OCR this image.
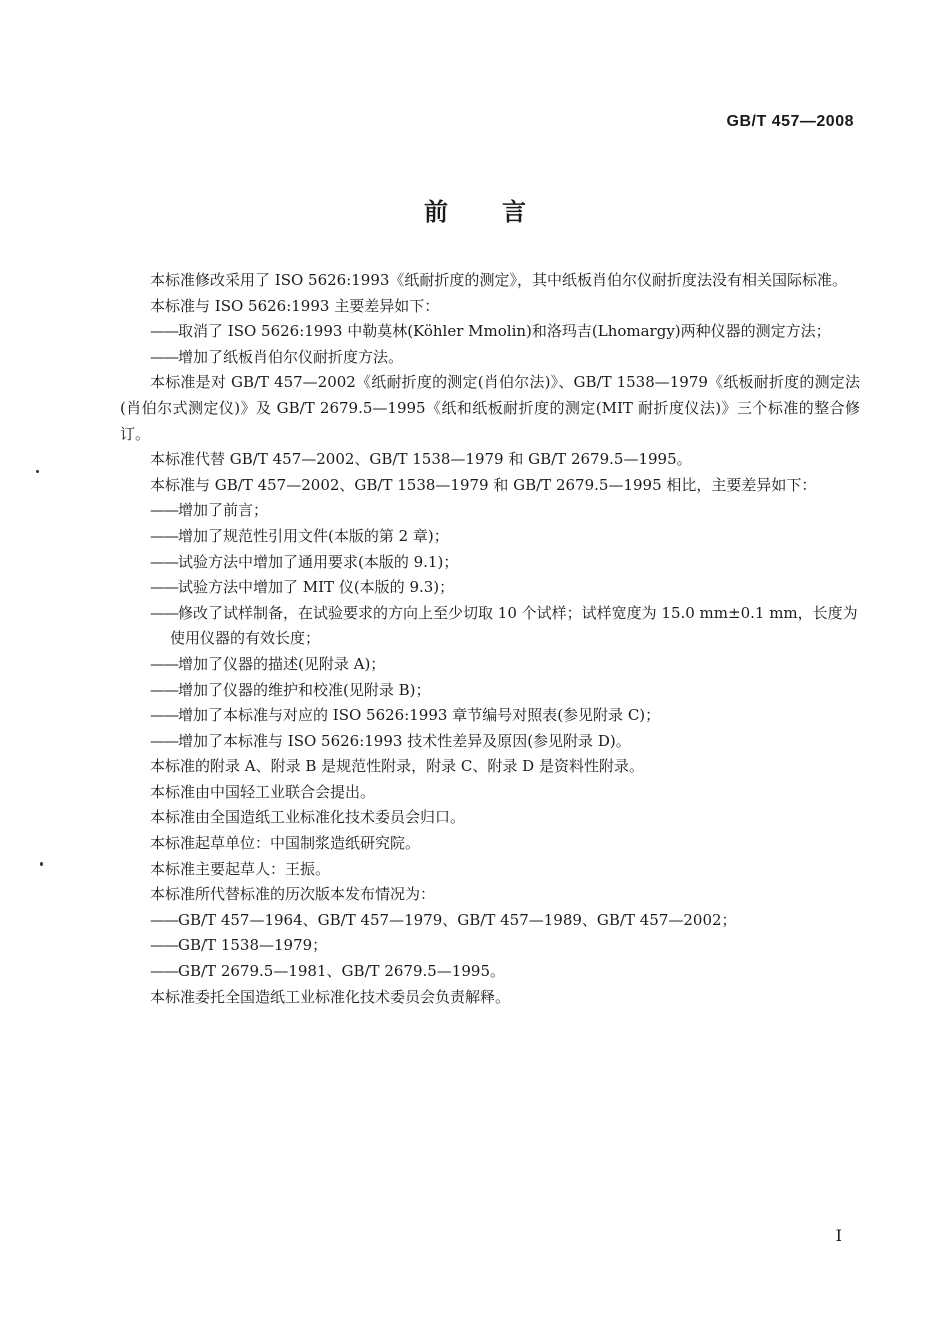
GB/T 457—2008
前言

本标准修改采用了 ISO 5626:1993《纸耐折度的测定》，其中纸板肖伯尔仪耐折度法没有相关国际标准。

本标准与 ISO 5626:1993 主要差异如下：

——取消了 ISO 5626:1993 中勒莫林(Köhler Mmolin)和洛玛吉(Lhomargy)两种仪器的测定方法；

——增加了纸板肖伯尔仪耐折度方法。

本标准是对 GB/T 457—2002《纸耐折度的测定(肖伯尔法)》、GB/T 1538—1979《纸板耐折度的测定法(肖伯尔式测定仪)》及 GB/T 2679.5—1995《纸和纸板耐折度的测定(MIT 耐折度仪法)》三个标准的整合修订。

本标准代替 GB/T 457—2002、GB/T 1538—1979 和 GB/T 2679.5—1995。

本标准与 GB/T 457—2002、GB/T 1538—1979 和 GB/T 2679.5—1995 相比，主要差异如下：

——增加了前言；

——增加了规范性引用文件(本版的第 2 章)；

——试验方法中增加了通用要求(本版的 9.1)；

——试验方法中增加了 MIT 仪(本版的 9.3)；

——修改了试样制备，在试验要求的方向上至少切取 10 个试样；试样宽度为 15.0 mm±0.1 mm，长度为使用仪器的有效长度；

——增加了仪器的描述(见附录 A)；

——增加了仪器的维护和校准(见附录 B)；

——增加了本标准与对应的 ISO 5626:1993 章节编号对照表(参见附录 C)；

——增加了本标准与 ISO 5626:1993 技术性差异及原因(参见附录 D)。

本标准的附录 A、附录 B 是规范性附录，附录 C、附录 D 是资料性附录。

本标准由中国轻工业联合会提出。

本标准由全国造纸工业标准化技术委员会归口。

本标准起草单位：中国制浆造纸研究院。

本标准主要起草人：王振。

本标准所代替标准的历次版本发布情况为：

——GB/T 457—1964、GB/T 457—1979、GB/T 457—1989、GB/T 457—2002；

——GB/T 1538—1979；

——GB/T 2679.5—1981、GB/T 2679.5—1995。

本标准委托全国造纸工业标准化技术委员会负责解释。

I
